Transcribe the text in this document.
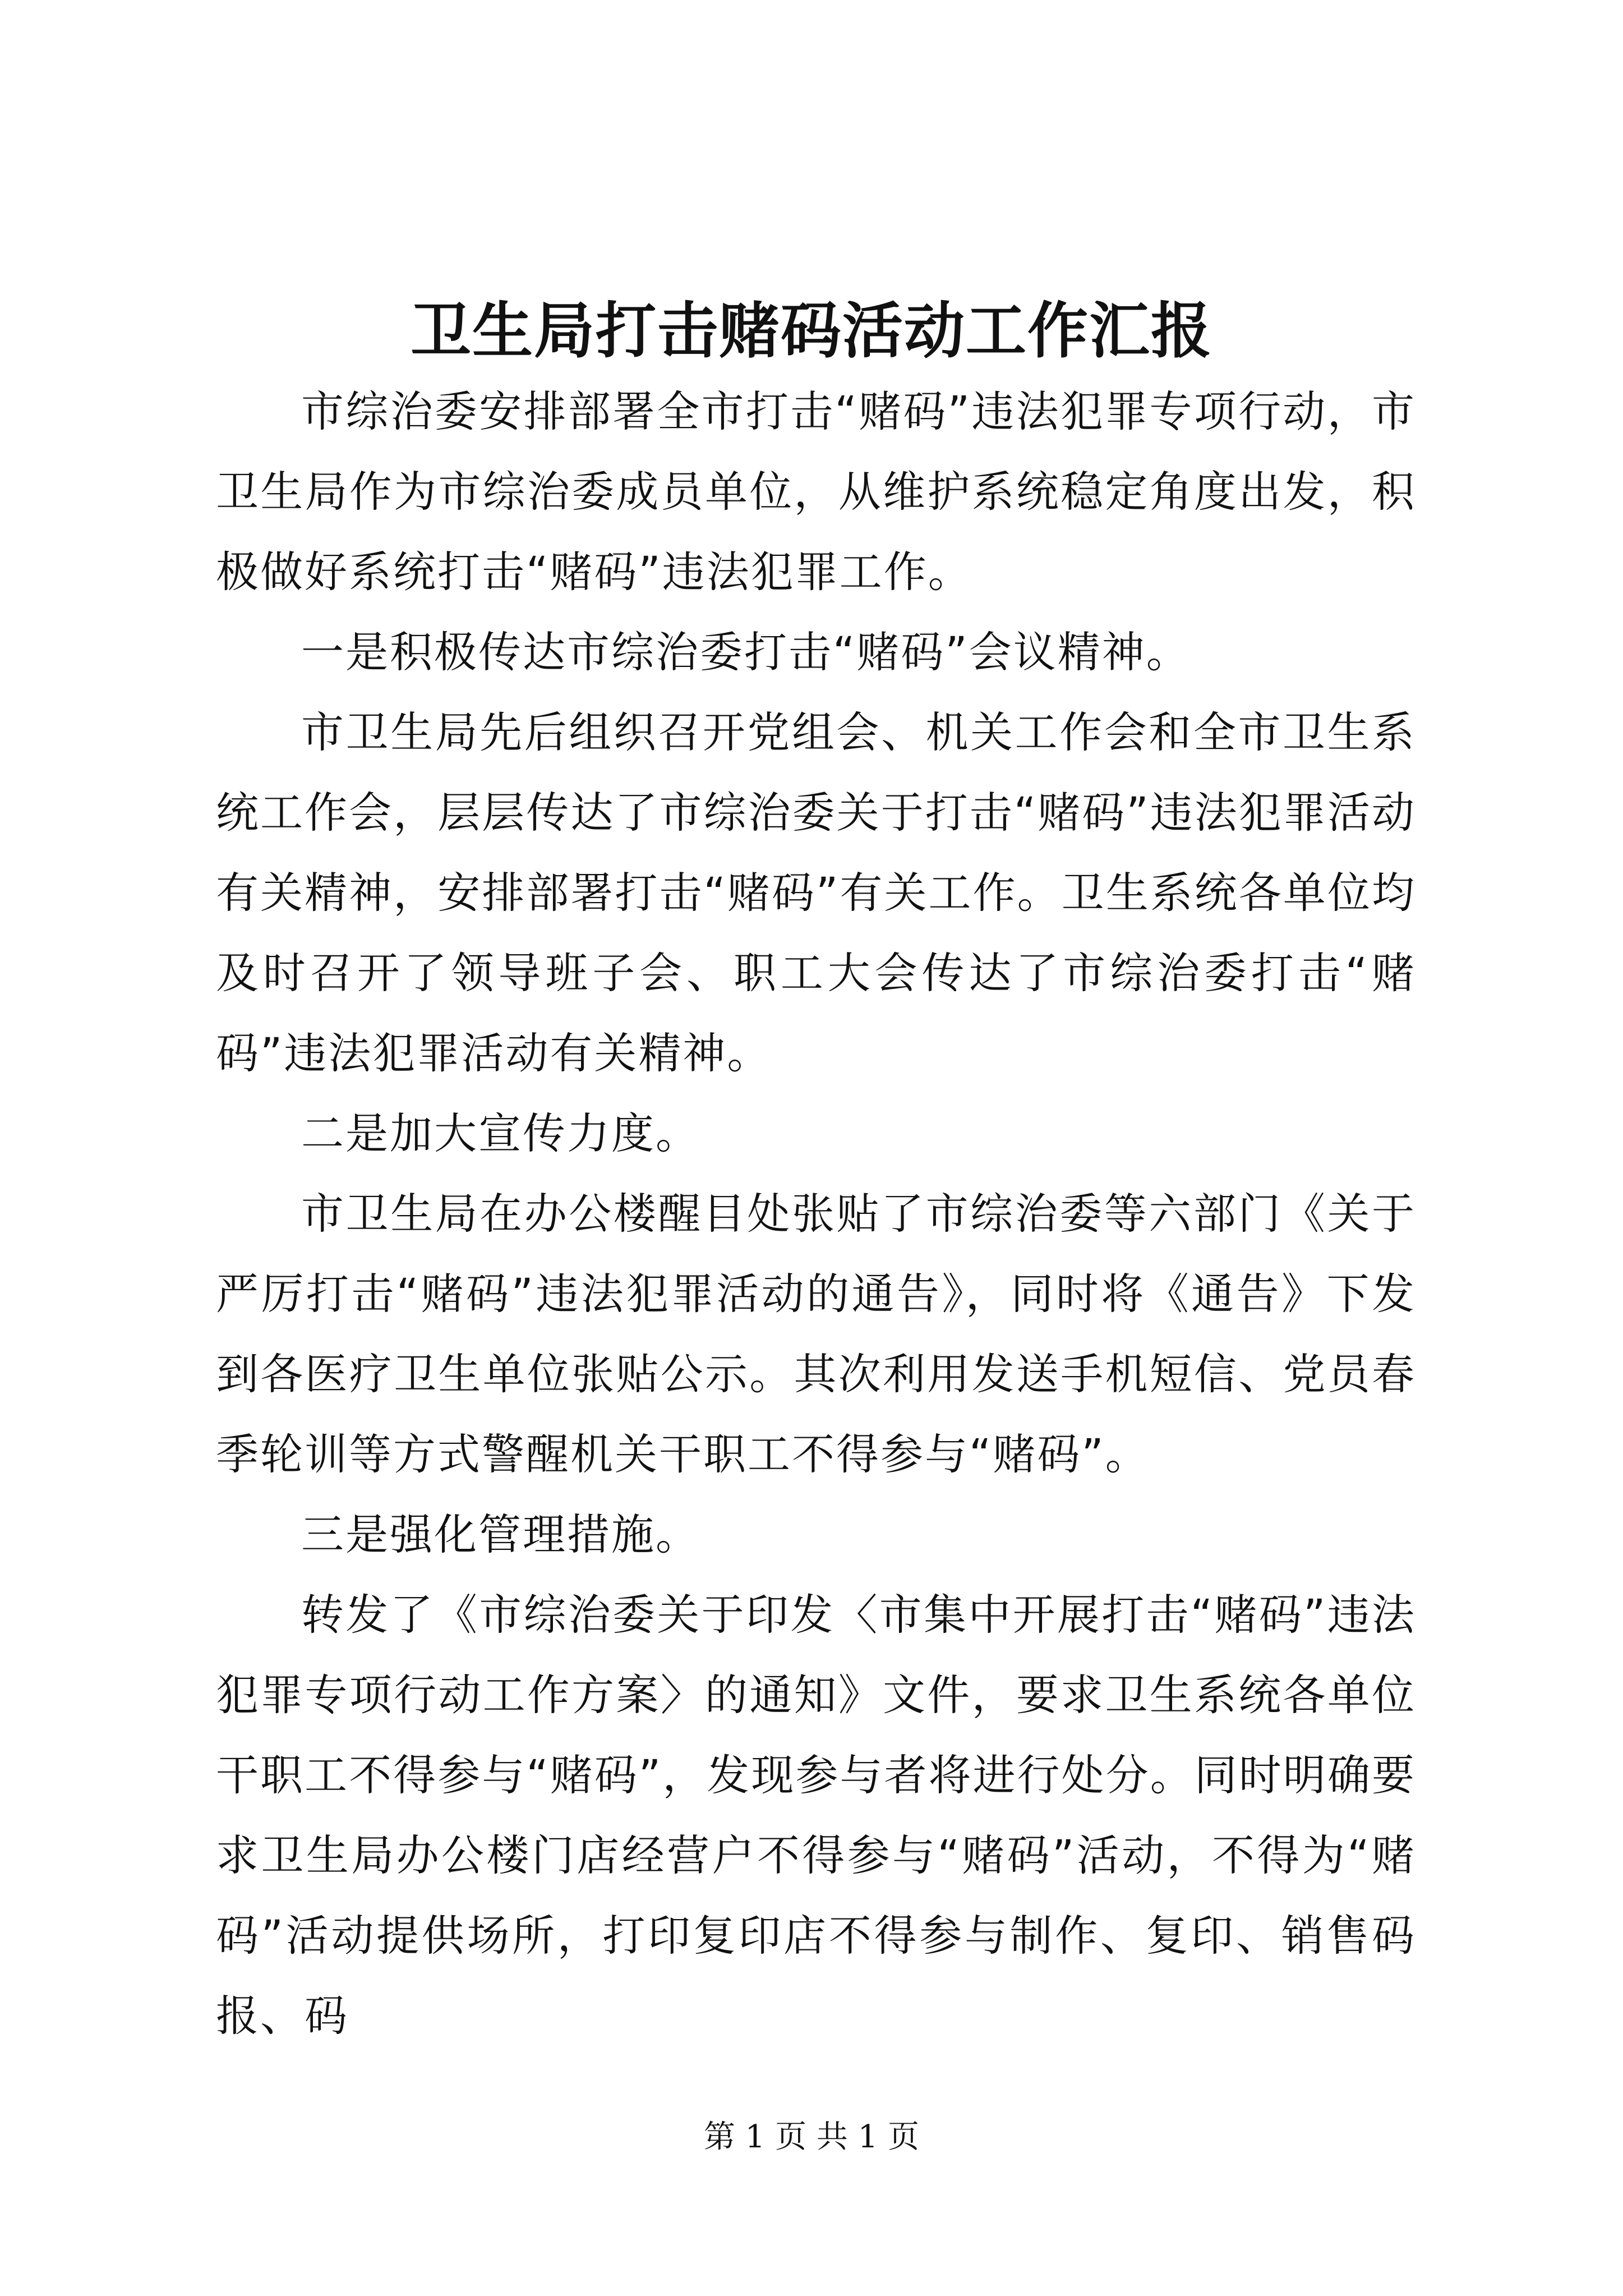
卫生局打击赌码活动工作汇报

市综治委安排部署全市打击“赌码”违法犯罪专项行动，市卫生局作为市综治委成员单位，从维护系统稳定角度出发，积极做好系统打击“赌码”违法犯罪工作。

一是积极传达市综治委打击“赌码”会议精神。

市卫生局先后组织召开党组会、机关工作会和全市卫生系统工作会，层层传达了市综治委关于打击“赌码”违法犯罪活动有关精神，安排部署打击“赌码”有关工作。卫生系统各单位均及时召开了领导班子会、职工大会传达了市综治委打击“赌码”违法犯罪活动有关精神。

二是加大宣传力度。

市卫生局在办公楼醒目处张贴了市综治委等六部门《关于严厉打击“赌码”违法犯罪活动的通告》，同时将《通告》下发到各医疗卫生单位张贴公示。其次利用发送手机短信、党员春季轮训等方式警醒机关干职工不得参与“赌码”。

三是强化管理措施。

转发了《市综治委关于印发〈市集中开展打击“赌码”违法犯罪专项行动工作方案〉的通知》文件，要求卫生系统各单位干职工不得参与“赌码”，发现参与者将进行处分。同时明确要求卫生局办公楼门店经营户不得参与“赌码”活动，不得为“赌码”活动提供场所，打印复印店不得参与制作、复印、销售码报、码

第 1 页 共 1 页
